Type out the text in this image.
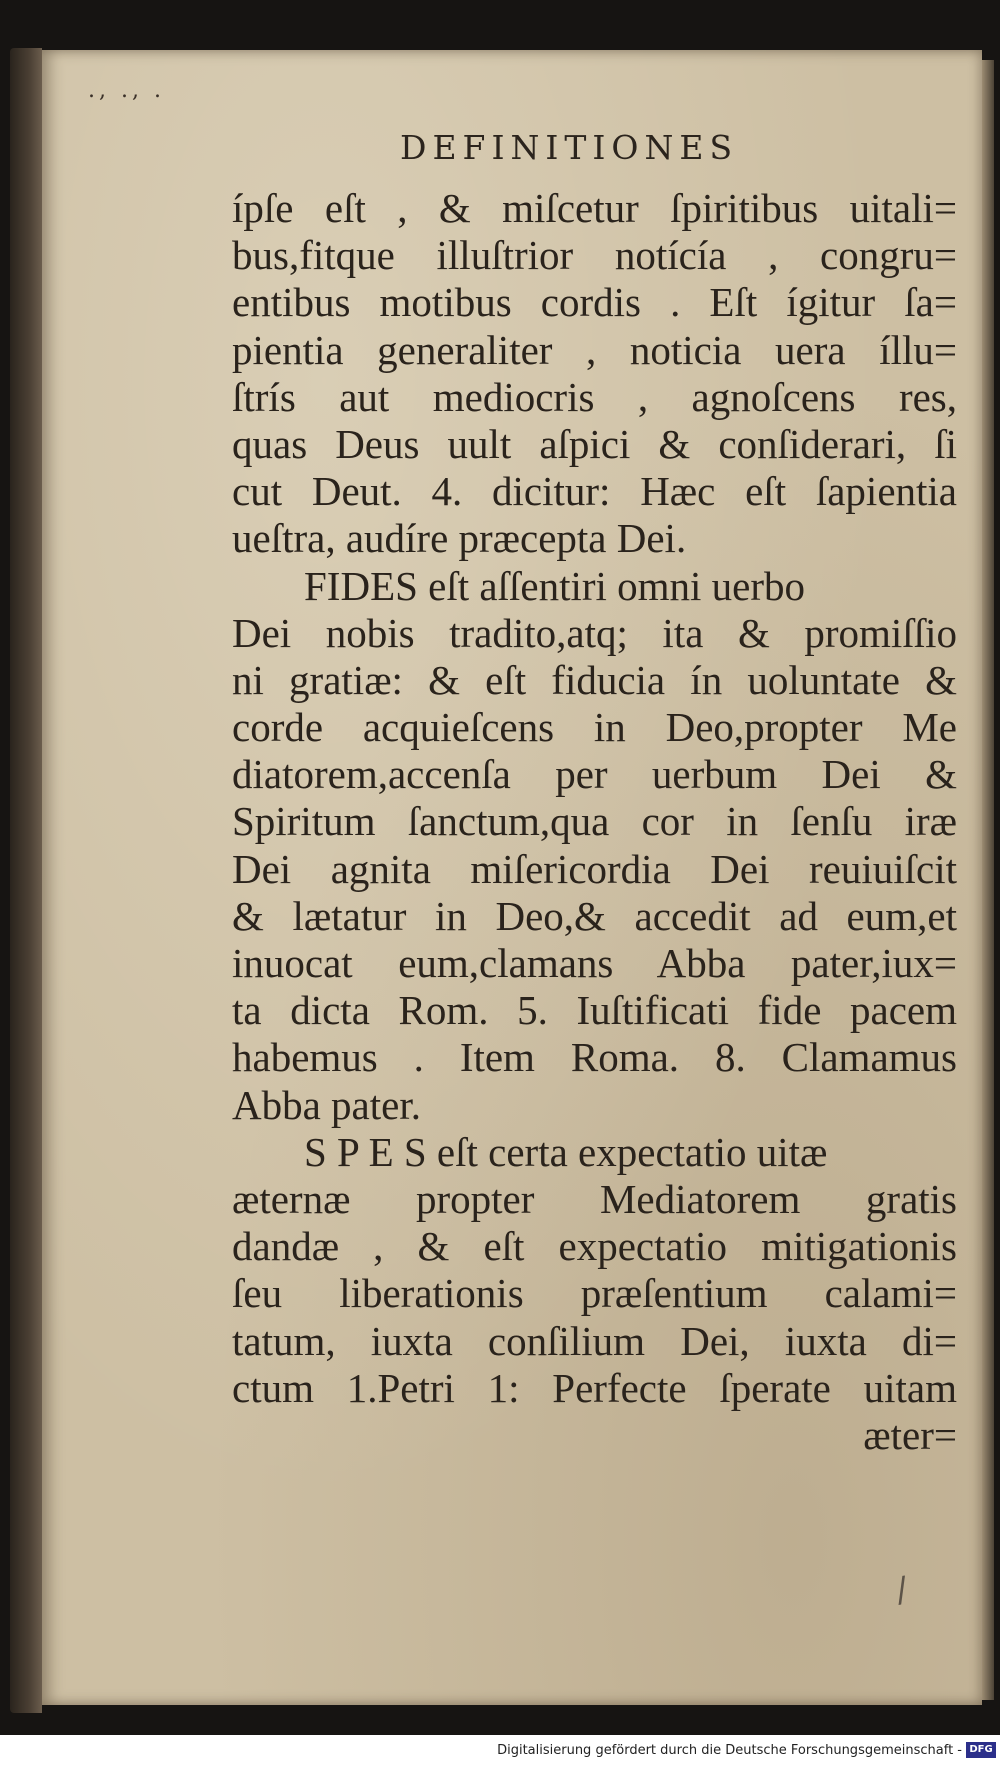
., ., .
DEFINITIONES
ípſe eſt , & miſcetur ſpiritibus uitali=
bus,fitque illuſtrior notícía , congru=
entibus motibus cordis . Eſt ígitur ſa=
pientia generaliter , noticia uera íllu=
ſtrís aut mediocris , agnoſcens res,
quas Deus uult aſpici & conſiderari, ſi
cut Deut. 4. dicitur: Hæc eſt ſapientia
ueſtra, audíre præcepta Dei.
FIDES eſt aſſentiri omni uerbo
Dei nobis tradito,atq; ita & promiſſio
ni gratiæ: & eſt fiducia ín uoluntate &
corde acquieſcens in Deo,propter Me
diatorem,accenſa per uerbum Dei &
Spiritum ſanctum,qua cor in ſenſu iræ
Dei agnita miſericordia Dei reuiuiſcit
& lætatur in Deo,& accedit ad eum,et
inuocat eum,clamans Abba pater,iux=
ta dicta Rom. 5. Iuſtificati fide pacem
habemus . Item Roma. 8. Clamamus
Abba pater.
S P E S eſt certa expectatio uitæ
æternæ propter Mediatorem gratis
dandæ , & eſt expectatio mitigationis
ſeu liberationis præſentium calami=
tatum, iuxta conſilium Dei, iuxta di=
ctum 1.Petri 1: Perfecte ſperate uitam
æter=
/
Digitalisierung gefördert durch die Deutsche Forschungsgemeinschaft - DFG
